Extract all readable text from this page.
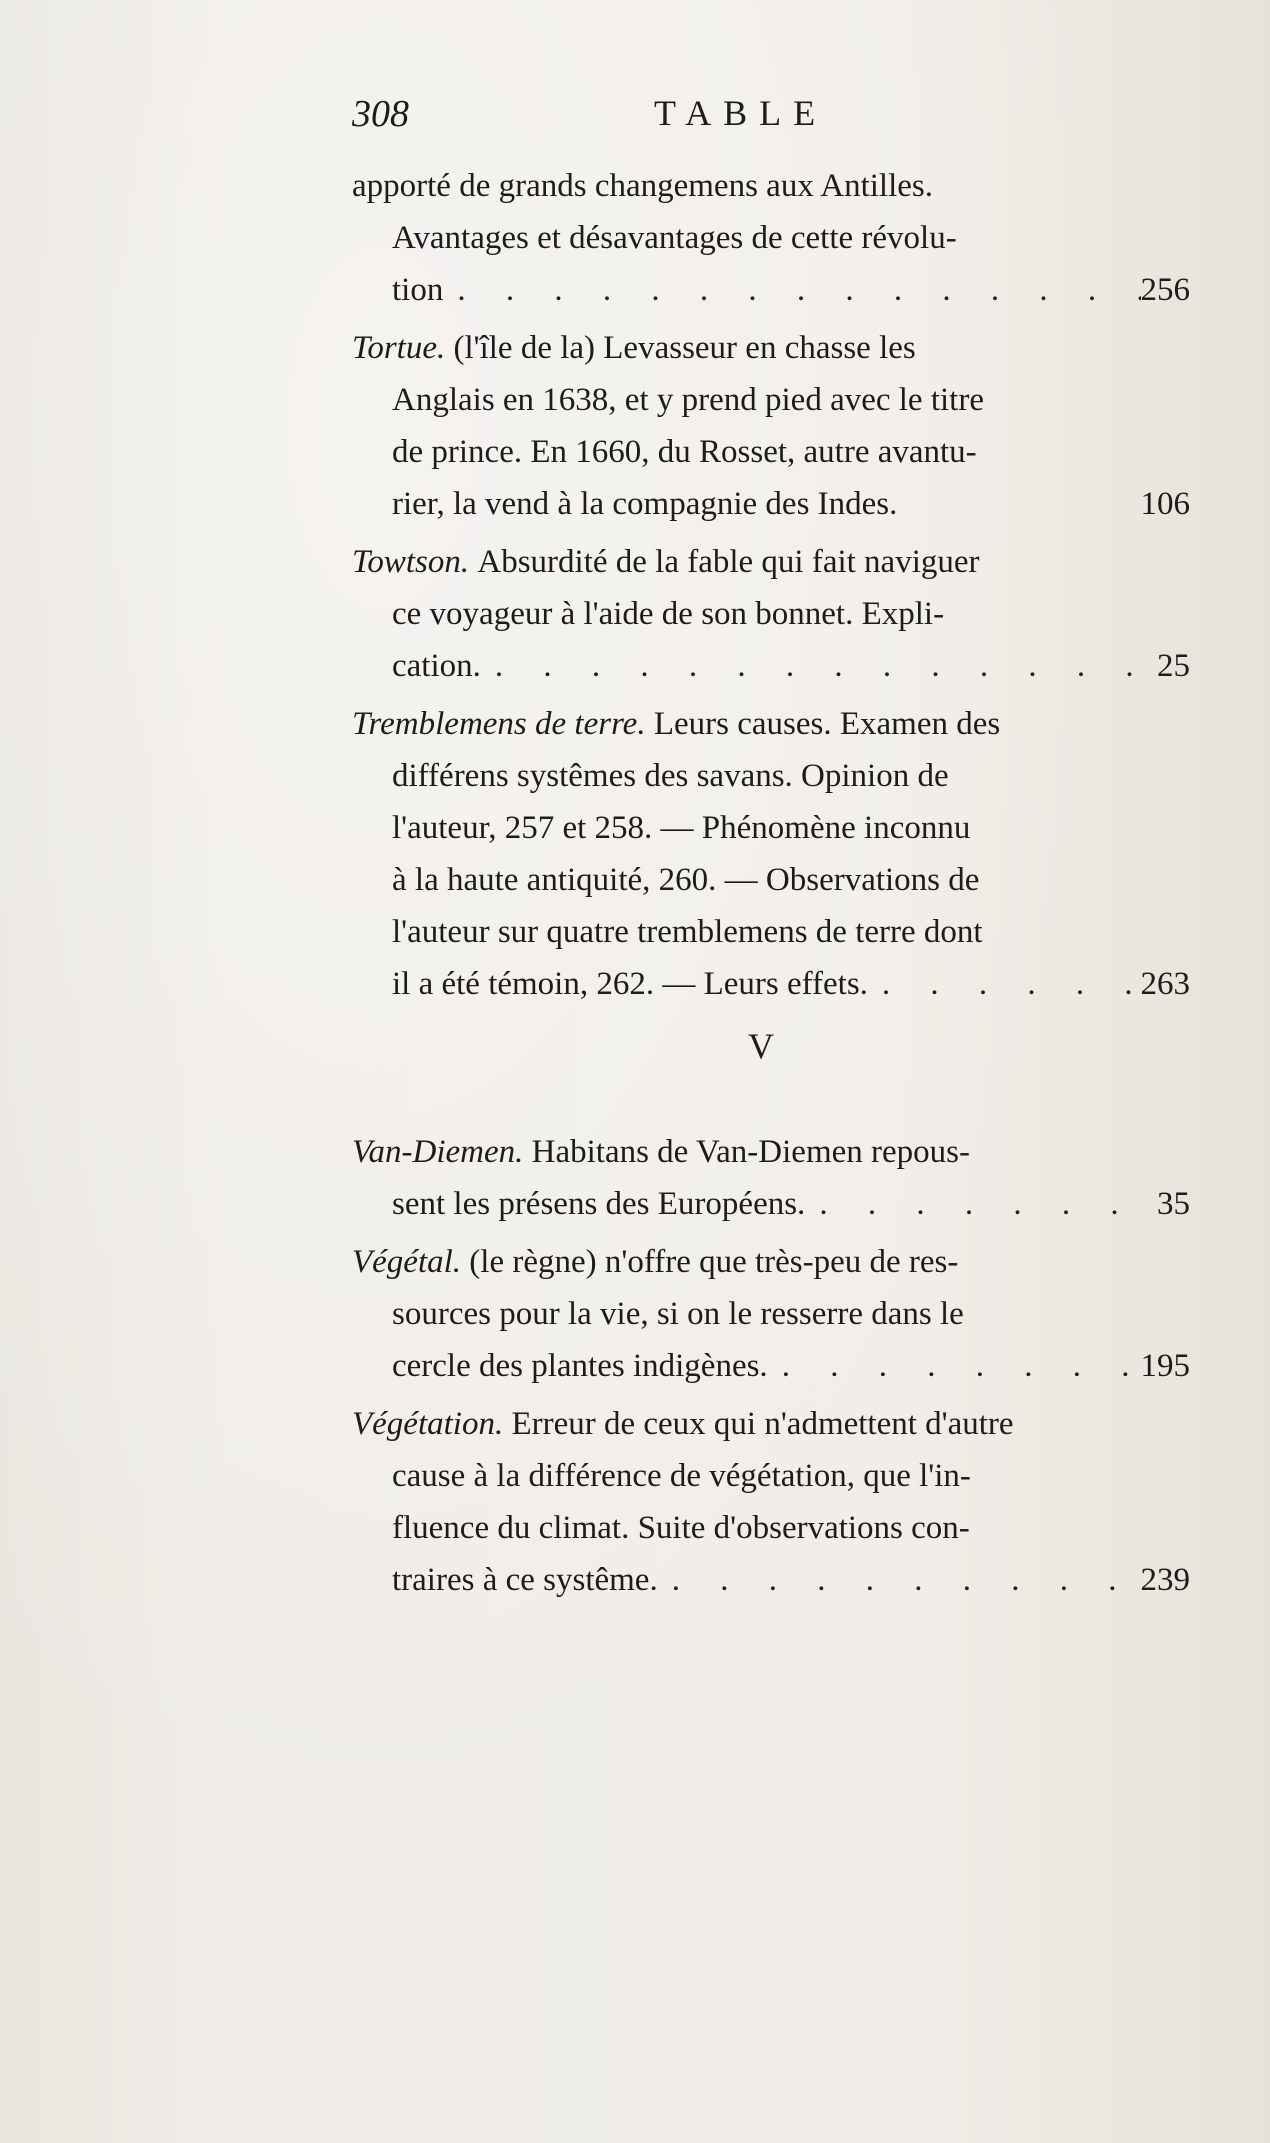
308	TABLE
apporté de grands changemens aux Antilles.
Avantages et désavantages de cette révolu-
tion . . .	256
Tortue.
(l'île de la) Levasseur en chasse les
Anglais en 1638, et y prend pied avec le titre
de prince. En 1660, du Rosset, autre avantu-
rier, la vend à la compagnie des Indes.	106
Towtson.
Absurdité de la fable qui fait naviguer
ce voyageur à l'aide de son bonnet. Expli-
cation. . . .	25
Tremblemens de terre.
Leurs causes. Examen des
différens systêmes des savans. Opinion de
l'auteur, 257 et 258. — Phénomène inconnu
à la haute antiquité, 260. — Observations de
l'auteur sur quatre tremblemens de terre dont
il a été témoin, 262. — Leurs effets. . . .	263
V
Van-Diemen.
Habitans de Van-Diemen repous-
sent les présens des Européens. . . .	35
Végétal.
(le règne) n'offre que très-peu de res-
sources pour la vie, si on le resserre dans le
cercle des plantes indigènes. . . .	195
Végétation.
Erreur de ceux qui n'admettent d'autre
cause à la différence de végétation, que l'in-
fluence du climat. Suite d'observations con-
traires à ce systême. . . .	239
